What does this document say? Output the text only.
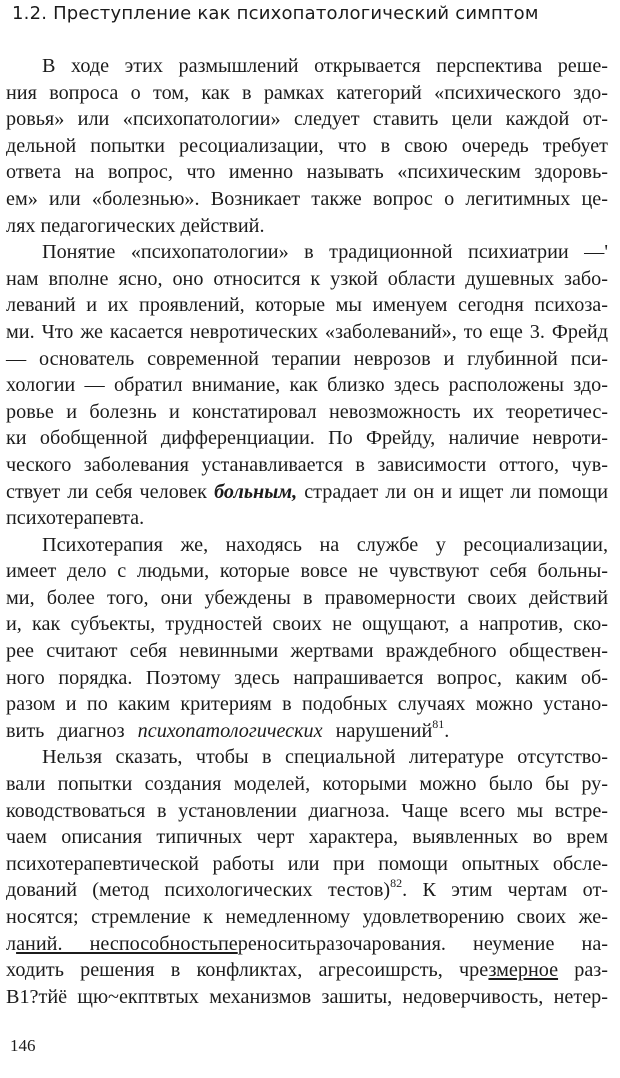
1.2. Преступление как психопатологический симптом
В ходе этих размышлений открывается перспектива реше-
ния вопроса о том, как в рамках категорий «психического здо-
ровья» или «психопатологии» следует ставить цели каждой от-
дельной попытки ресоциализации, что в свою очередь требует
ответа на вопрос, что именно называть «психическим здоровь-
ем» или «болезнью». Возникает также вопрос о легитимных це-
лях педагогических действий.
Понятие «психопатологии» в традиционной психиатрии —'
нам вполне ясно, оно относится к узкой области душевных забо-
леваний и их проявлений, которые мы именуем сегодня психоза-
ми. Что же касается невротических «заболеваний», то еще 3. Фрейд
— основатель современной терапии неврозов и глубинной пси-
хологии — обратил внимание, как близко здесь расположены здо-
ровье и болезнь и констатировал невозможность их теоретичес-
ки обобщенной дифференциации. По Фрейду, наличие невроти-
ческого заболевания устанавливается в зависимости оттого, чув-
ствует ли себя человек больным, страдает ли он и ищет ли помощи
психотерапевта.
Психотерапия же, находясь на службе у ресоциализации,
имеет дело с людьми, которые вовсе не чувствуют себя больны-
ми, более того, они убеждены в правомерности своих действий
и, как субъекты, трудностей своих не ощущают, а напротив, ско-
рее считают себя невинными жертвами враждебного обществен-
ного порядка. Поэтому здесь напрашивается вопрос, каким об-
разом и по каким критериям в подобных случаях можно устано-
вить диагноз психопатологических нарушений$^{81}$.
Нельзя сказать, чтобы в специальной литературе отсутство-
вали попытки создания моделей, которыми можно было бы ру-
ководствоваться в установлении диагноза. Чаще всего мы встре-
чаем описания типичных черт характера, выявленных во врем
психотерапевтической работы или при помощи опытных обсле-
дований (метод психологических тестов)$^{82}$. К этим чертам от-
носятся; стремление к немедленному удовлетворению своих же-
ланий. неспособностьпереноситьразочарования. неумение на-
ходить решения в конфликтах, агресоишрсть, чрезмерное раз-
В1?тйё щю~екптвтых механизмов зашиты, недоверчивость, нетер-
146
